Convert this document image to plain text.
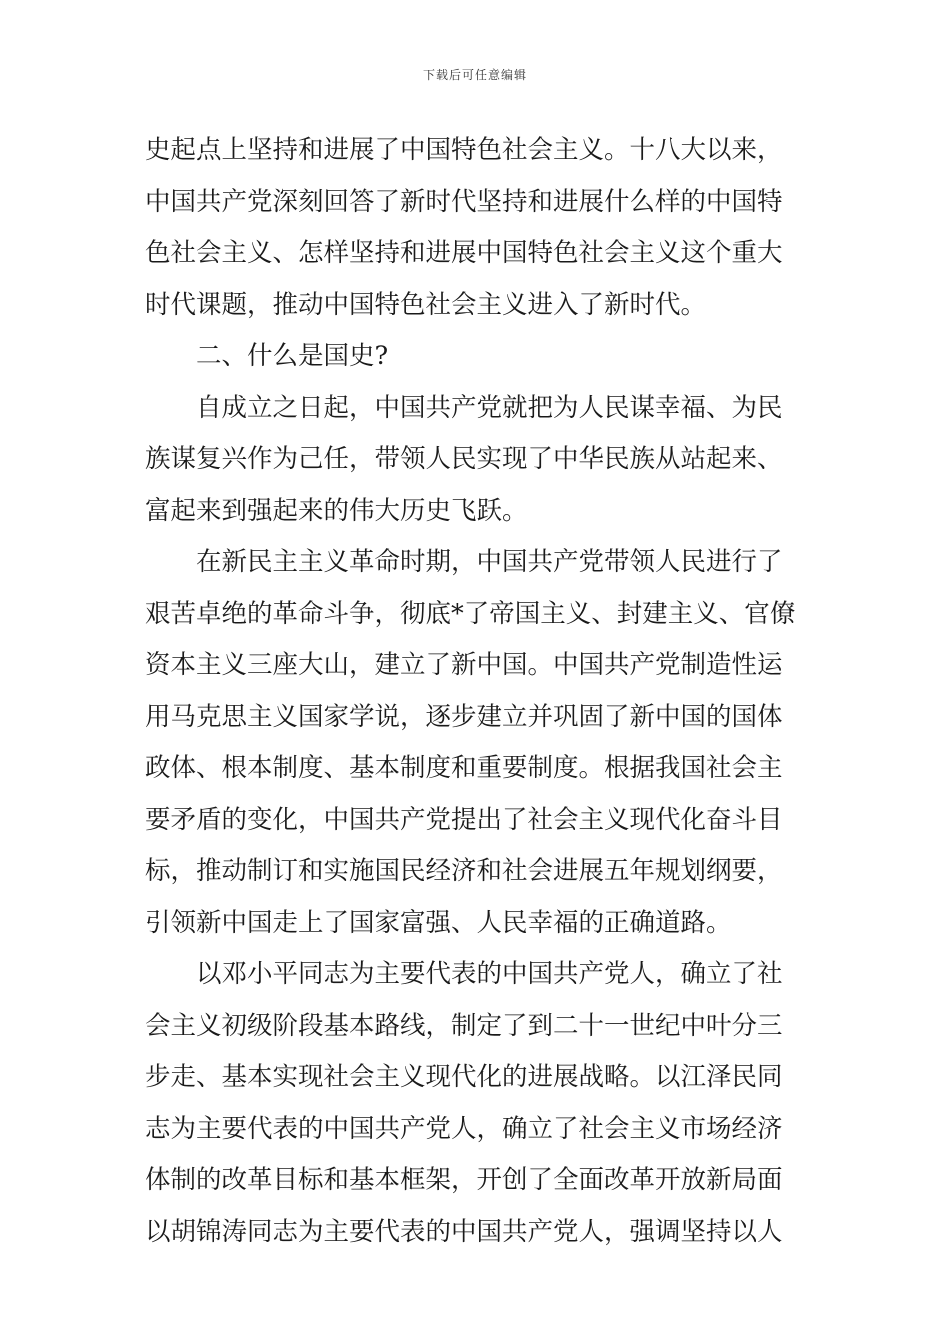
下载后可任意编辑
史起点上坚持和进展了中国特色社会主义。十八大以来，
中国共产党深刻回答了新时代坚持和进展什么样的中国特
色社会主义、怎样坚持和进展中国特色社会主义这个重大
时代课题，推动中国特色社会主义进入了新时代。
二、什么是国史?
自成立之日起，中国共产党就把为人民谋幸福、为民
族谋复兴作为己任，带领人民实现了中华民族从站起来、
富起来到强起来的伟大历史飞跃。
在新民主主义革命时期，中国共产党带领人民进行了
艰苦卓绝的革命斗争，彻底*了帝国主义、封建主义、官僚
资本主义三座大山，建立了新中国。中国共产党制造性运
用马克思主义国家学说，逐步建立并巩固了新中国的国体
政体、根本制度、基本制度和重要制度。根据我国社会主
要矛盾的变化，中国共产党提出了社会主义现代化奋斗目
标，推动制订和实施国民经济和社会进展五年规划纲要，
引领新中国走上了国家富强、人民幸福的正确道路。
以邓小平同志为主要代表的中国共产党人，确立了社
会主义初级阶段基本路线，制定了到二十一世纪中叶分三
步走、基本实现社会主义现代化的进展战略。以江泽民同
志为主要代表的中国共产党人，确立了社会主义市场经济
体制的改革目标和基本框架，开创了全面改革开放新局面
以胡锦涛同志为主要代表的中国共产党人，强调坚持以人
